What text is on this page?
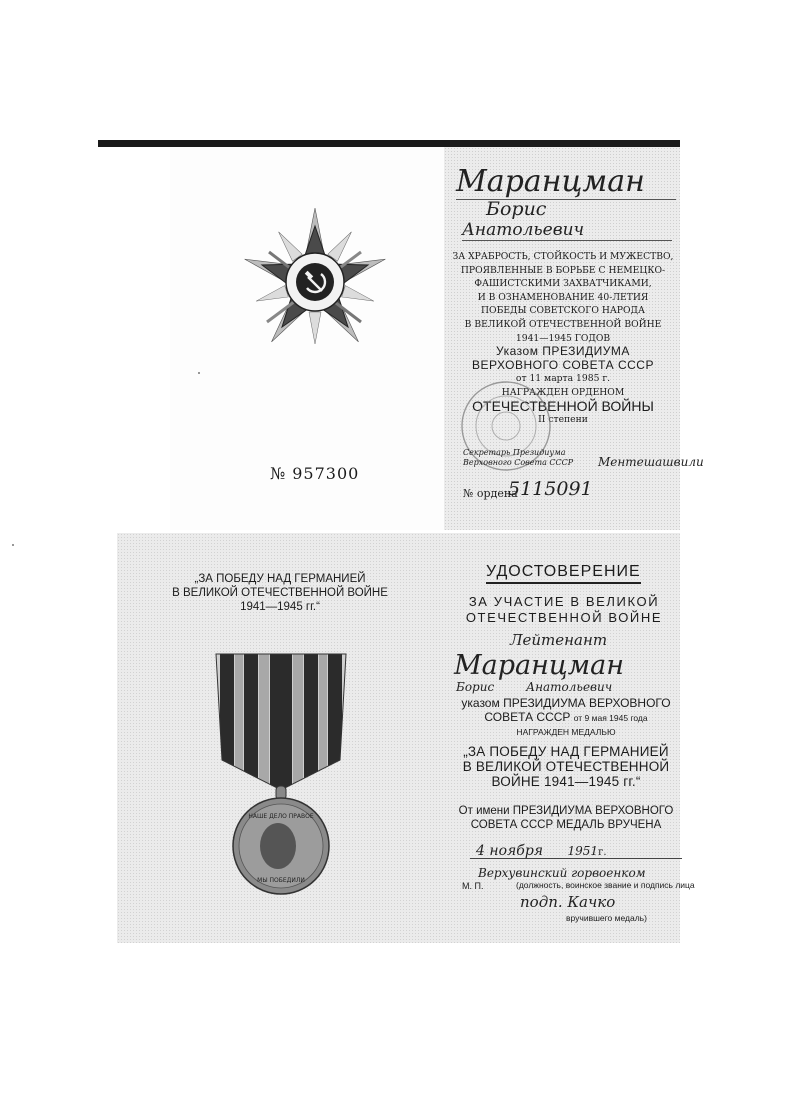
№ 957300
Маранцман
Борис
Анатольевич
ЗА ХРАБРОСТЬ, СТОЙКОСТЬ И МУЖЕСТВО,
ПРОЯВЛЕННЫЕ В БОРЬБЕ С НЕМЕЦКО-
ФАШИСТСКИМИ ЗАХВАТЧИКАМИ,
И В ОЗНАМЕНОВАНИЕ 40-ЛЕТИЯ
ПОБЕДЫ СОВЕТСКОГО НАРОДА
В ВЕЛИКОЙ ОТЕЧЕСТВЕННОЙ ВОЙНЕ
1941—1945 ГОДОВ
Указом ПРЕЗИДИУМА
ВЕРХОВНОГО СОВЕТА СССР
от 11 марта 1985 г.
НАГРАЖДЕН ОРДЕНОМ
ОТЕЧЕСТВЕННОЙ ВОЙНЫ
II степени
Секретарь Президиума
Верховного Совета СССР Ментешашвили
№ ордена
5115091
„ЗА ПОБЕДУ НАД ГЕРМАНИЕЙ
В ВЕЛИКОЙ ОТЕЧЕСТВЕННОЙ ВОЙНЕ
1941—1945 гг.“
НАШЕ ДЕЛО ПРАВОЕ
МЫ ПОБЕДИЛИ
УДОСТОВЕРЕНИЕ
ЗА УЧАСТИЕ В ВЕЛИКОЙ
ОТЕЧЕСТВЕННОЙ ВОЙНЕ
Лейтенант
Маранцман
Борис	Анатольевич
указом ПРЕЗИДИУМА ВЕРХОВНОГО
СОВЕТА СССР от 9 мая 1945 года
НАГРАЖДЕН МЕДАЛЬЮ
„ЗА ПОБЕДУ НАД ГЕРМАНИЕЙ
В ВЕЛИКОЙ ОТЕЧЕСТВЕННОЙ
ВОЙНЕ 1941—1945 гг.“
От имени ПРЕЗИДИУМА ВЕРХОВНОГО
СОВЕТА СССР МЕДАЛЬ ВРУЧЕНА
4 ноября 1951г.
Верхувинский горвоенком
М. П.	(должность, воинское звание и подпись лица
подп. Качко
вручившего медаль)
